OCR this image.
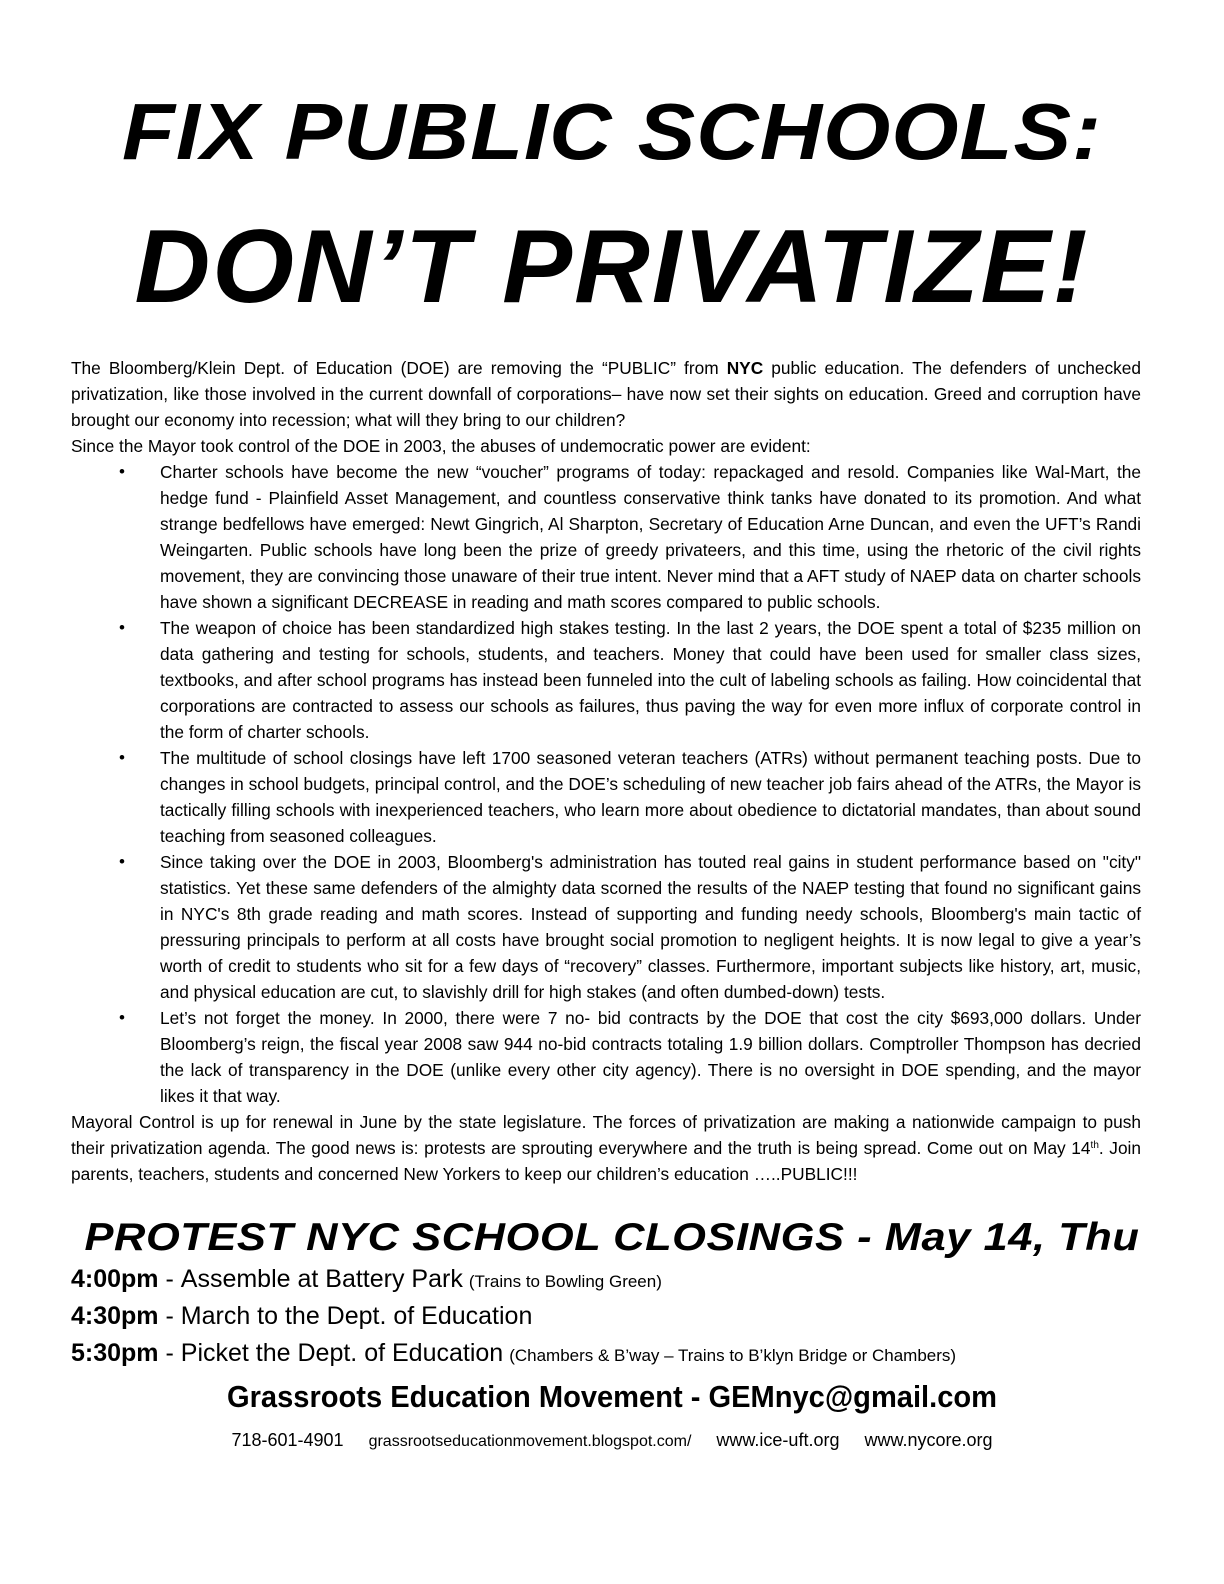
FIX PUBLIC SCHOOLS:
DON’T PRIVATIZE!

The Bloomberg/Klein Dept. of Education (DOE) are removing the “PUBLIC” from NYC public education. The defenders of unchecked privatization, like those involved in the current downfall of corporations– have now set their sights on education. Greed and corruption have brought our economy into recession; what will they bring to our children?

Since the Mayor took control of the DOE in 2003, the abuses of undemocratic power are evident:

• Charter schools have become the new “voucher” programs of today: repackaged and resold. Companies like Wal-Mart, the hedge fund - Plainfield Asset Management, and countless conservative think tanks have donated to its promotion. And what strange bedfellows have emerged: Newt Gingrich, Al Sharpton, Secretary of Education Arne Duncan, and even the UFT’s Randi Weingarten. Public schools have long been the prize of greedy privateers, and this time, using the rhetoric of the civil rights movement, they are convincing those unaware of their true intent. Never mind that a AFT study of NAEP data on charter schools have shown a significant DECREASE in reading and math scores compared to public schools.
• The weapon of choice has been standardized high stakes testing. In the last 2 years, the DOE spent a total of $235 million on data gathering and testing for schools, students, and teachers. Money that could have been used for smaller class sizes, textbooks, and after school programs has instead been funneled into the cult of labeling schools as failing. How coincidental that corporations are contracted to assess our schools as failures, thus paving the way for even more influx of corporate control in the form of charter schools.
• The multitude of school closings have left 1700 seasoned veteran teachers (ATRs) without permanent teaching posts. Due to changes in school budgets, principal control, and the DOE’s scheduling of new teacher job fairs ahead of the ATRs, the Mayor is tactically filling schools with inexperienced teachers, who learn more about obedience to dictatorial mandates, than about sound teaching from seasoned colleagues.
• Since taking over the DOE in 2003, Bloomberg's administration has touted real gains in student performance based on "city" statistics. Yet these same defenders of the almighty data scorned the results of the NAEP testing that found no significant gains in NYC's 8th grade reading and math scores. Instead of supporting and funding needy schools, Bloomberg's main tactic of pressuring principals to perform at all costs have brought social promotion to negligent heights. It is now legal to give a year’s worth of credit to students who sit for a few days of “recovery” classes. Furthermore, important subjects like history, art, music, and physical education are cut, to slavishly drill for high stakes (and often dumbed-down) tests.
• Let’s not forget the money. In 2000, there were 7 no- bid contracts by the DOE that cost the city $693,000 dollars. Under Bloomberg’s reign, the fiscal year 2008 saw 944 no-bid contracts totaling 1.9 billion dollars. Comptroller Thompson has decried the lack of transparency in the DOE (unlike every other city agency). There is no oversight in DOE spending, and the mayor likes it that way.

Mayoral Control is up for renewal in June by the state legislature. The forces of privatization are making a nationwide campaign to push their privatization agenda. The good news is: protests are sprouting everywhere and the truth is being spread. Come out on May 14th. Join parents, teachers, students and concerned New Yorkers to keep our children’s education …..PUBLIC!!!

PROTEST NYC SCHOOL CLOSINGS - May 14, Thu
4:00pm - Assemble at Battery Park (Trains to Bowling Green)
4:30pm - March to the Dept. of Education
5:30pm - Picket the Dept. of Education (Chambers & B’way – Trains to B’klyn Bridge or Chambers)
Grassroots Education Movement - GEMnyc@gmail.com
718-601-4901 grassrootseducationmovement.blogspot.com/ www.ice-uft.org www.nycore.org
